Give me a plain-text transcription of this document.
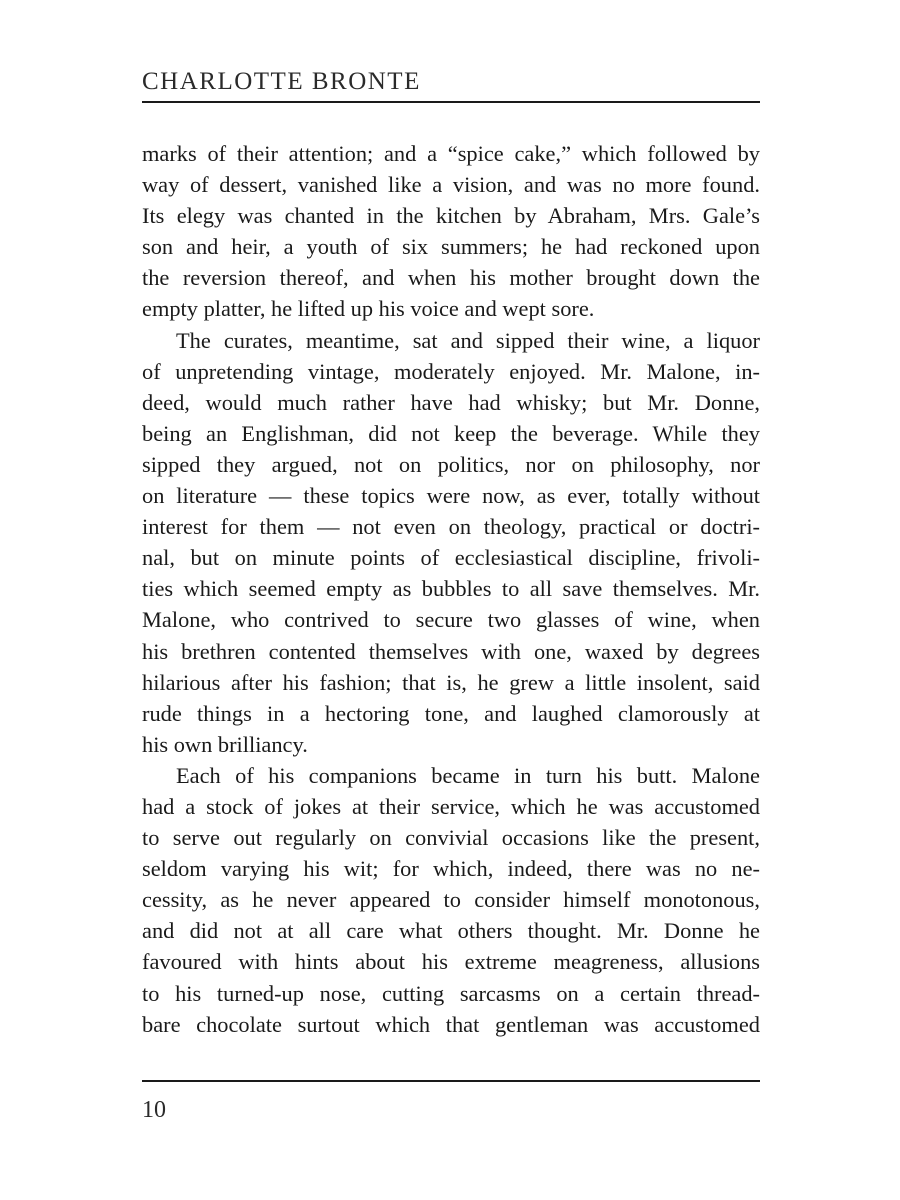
CHARLOTTE BRONTE
marks of their attention; and a “spice cake,” which followed by
way of dessert, vanished like a vision, and was no more found.
Its elegy was chanted in the kitchen by Abraham, Mrs. Gale’s
son and heir, a youth of six summers; he had reckoned upon
the reversion thereof, and when his mother brought down the
empty platter, he lifted up his voice and wept sore.
The curates, meantime, sat and sipped their wine, a liquor
of unpretending vintage, moderately enjoyed. Mr. Malone, in-
deed, would much rather have had whisky; but Mr. Donne,
being an Englishman, did not keep the beverage. While they
sipped they argued, not on politics, nor on philosophy, nor
on literature — these topics were now, as ever, totally without
interest for them — not even on theology, practical or doctri-
nal, but on minute points of ecclesiastical discipline, frivoli-
ties which seemed empty as bubbles to all save themselves. Mr.
Malone, who contrived to secure two glasses of wine, when
his brethren contented themselves with one, waxed by degrees
hilarious after his fashion; that is, he grew a little insolent, said
rude things in a hectoring tone, and laughed clamorously at
his own brilliancy.
Each of his companions became in turn his butt. Malone
had a stock of jokes at their service, which he was accustomed
to serve out regularly on convivial occasions like the present,
seldom varying his wit; for which, indeed, there was no ne-
cessity, as he never appeared to consider himself monotonous,
and did not at all care what others thought. Mr. Donne he
favoured with hints about his extreme meagreness, allusions
to his turned-up nose, cutting sarcasms on a certain thread-
bare chocolate surtout which that gentleman was accustomed
10
